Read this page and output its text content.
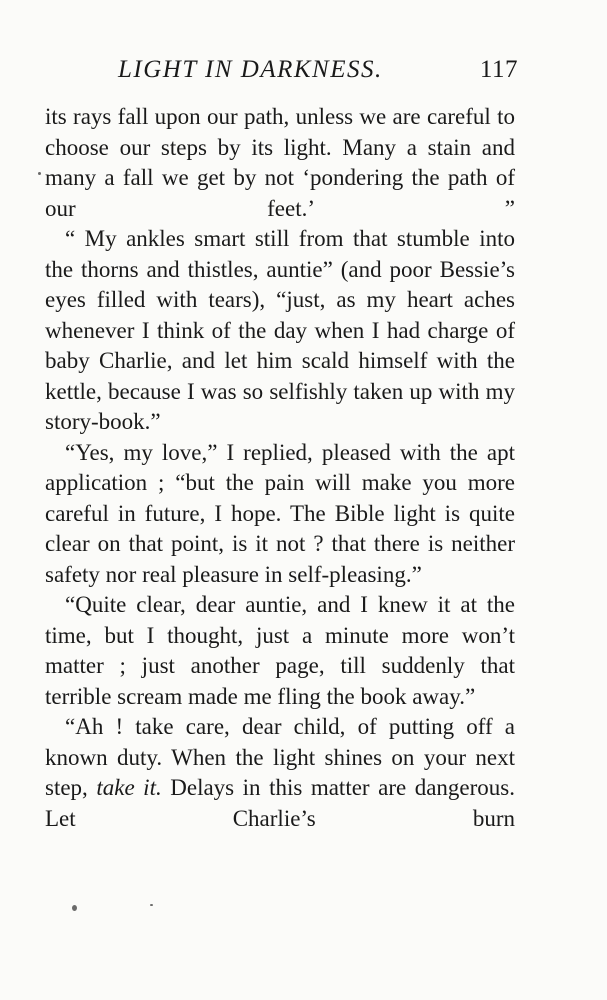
LIGHT IN DARKNESS.	117

its rays fall upon our path, unless we are careful to choose our steps by its light. Many a stain and many a fall we get by not ‘pondering the path of our feet.’ ”

“ My ankles smart still from that stumble into the thorns and thistles, auntie” (and poor Bessie’s eyes filled with tears), “just, as my heart aches whenever I think of the day when I had charge of baby Charlie, and let him scald himself with the kettle, because I was so selfishly taken up with my story-book.”

“Yes, my love,” I replied, pleased with the apt application ; “but the pain will make you more careful in future, I hope. The Bible light is quite clear on that point, is it not ? that there is neither safety nor real pleasure in self-pleasing.”

“Quite clear, dear auntie, and I knew it at the time, but I thought, just a minute more won’t matter ; just another page, till suddenly that terrible scream made me fling the book away.”

“Ah ! take care, dear child, of putting off a known duty. When the light shines on your next step, take it. Delays in this matter are dangerous. Let Charlie’s burn
